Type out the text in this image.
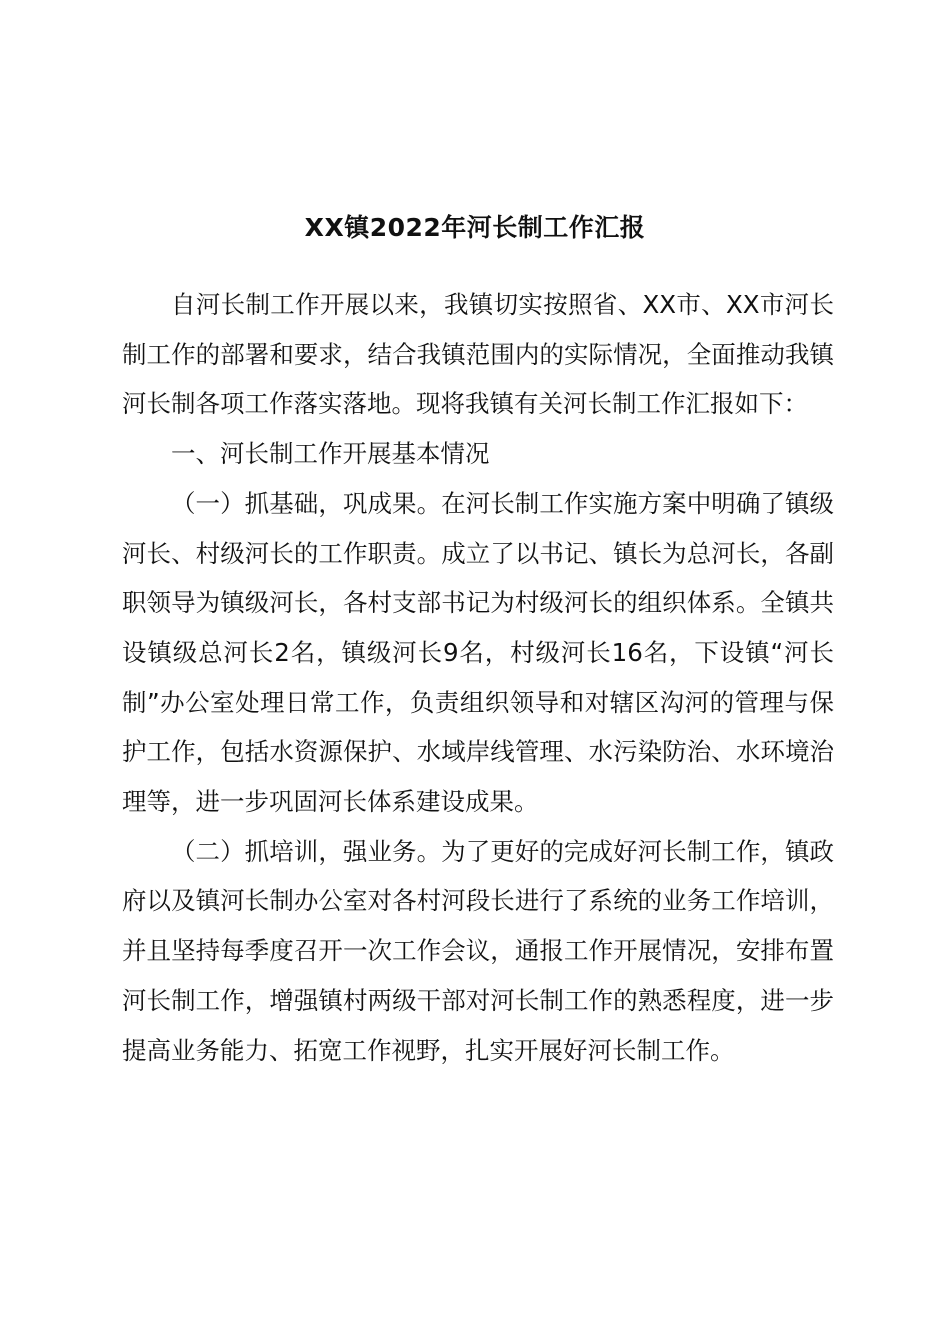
XX镇2022年河长制工作汇报

自河长制工作开展以来，我镇切实按照省、XX市、XX市河长制工作的部署和要求，结合我镇范围内的实际情况，全面推动我镇河长制各项工作落实落地。现将我镇有关河长制工作汇报如下：

一、河长制工作开展基本情况

（一）抓基础，巩成果。在河长制工作实施方案中明确了镇级河长、村级河长的工作职责。成立了以书记、镇长为总河长，各副职领导为镇级河长，各村支部书记为村级河长的组织体系。全镇共设镇级总河长2名，镇级河长9名，村级河长16名，下设镇“河长制”办公室处理日常工作，负责组织领导和对辖区沟河的管理与保护工作，包括水资源保护、水域岸线管理、水污染防治、水环境治理等，进一步巩固河长体系建设成果。

（二）抓培训，强业务。为了更好的完成好河长制工作，镇政府以及镇河长制办公室对各村河段长进行了系统的业务工作培训，并且坚持每季度召开一次工作会议，通报工作开展情况，安排布置河长制工作，增强镇村两级干部对河长制工作的熟悉程度，进一步提高业务能力、拓宽工作视野，扎实开展好河长制工作。
